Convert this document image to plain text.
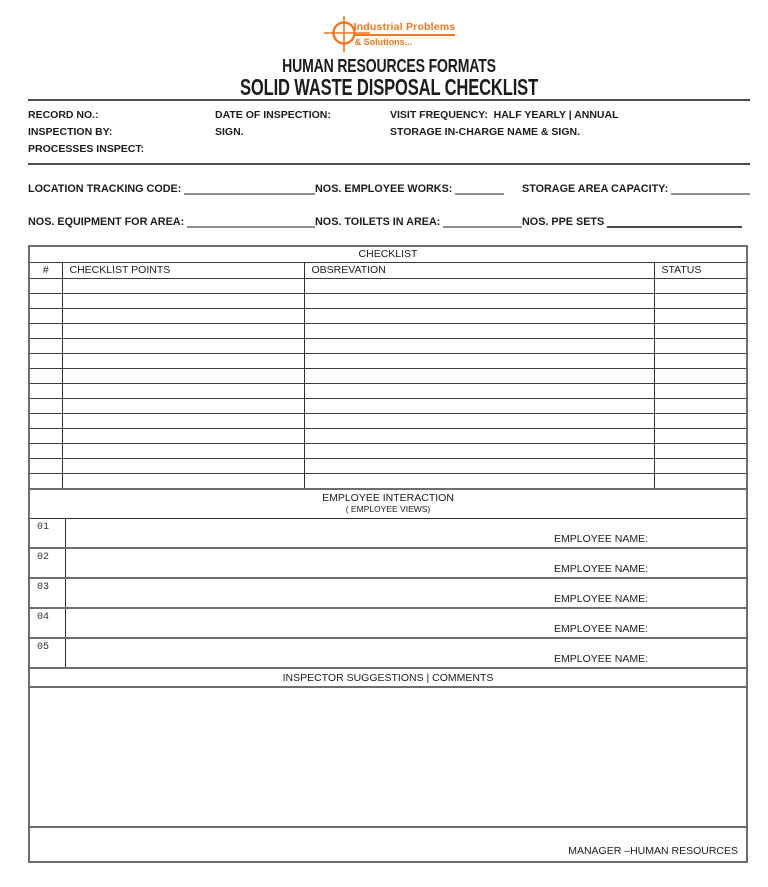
Industrial Problems
& Solutions...
HUMAN RESOURCES FORMATS
SOLID WASTE DISPOSAL CHECKLIST
RECORD NO.:	DATE OF INSPECTION:	VISIT FREQUENCY:  HALF YEARLY | ANNUAL
INSPECTION BY:	SIGN.	STORAGE IN-CHARGE NAME & SIGN.
PROCESSES INSPECT:
LOCATION TRACKING CODE:	NOS. EMPLOYEE WORKS:	STORAGE AREA CAPACITY:
NOS. EQUIPMENT FOR AREA:	NOS. TOILETS IN AREA:	NOS. PPE SETS
CHECKLIST			
#	CHECKLIST POINTS	OBSREVATION	STATUS

EMPLOYEE INTERACTION
( EMPLOYEE VIEWS)
01
EMPLOYEE NAME:
02
EMPLOYEE NAME:
03
EMPLOYEE NAME:
04
EMPLOYEE NAME:
05
EMPLOYEE NAME:
INSPECTOR SUGGESTIONS | COMMENTS
MANAGER –HUMAN RESOURCES
